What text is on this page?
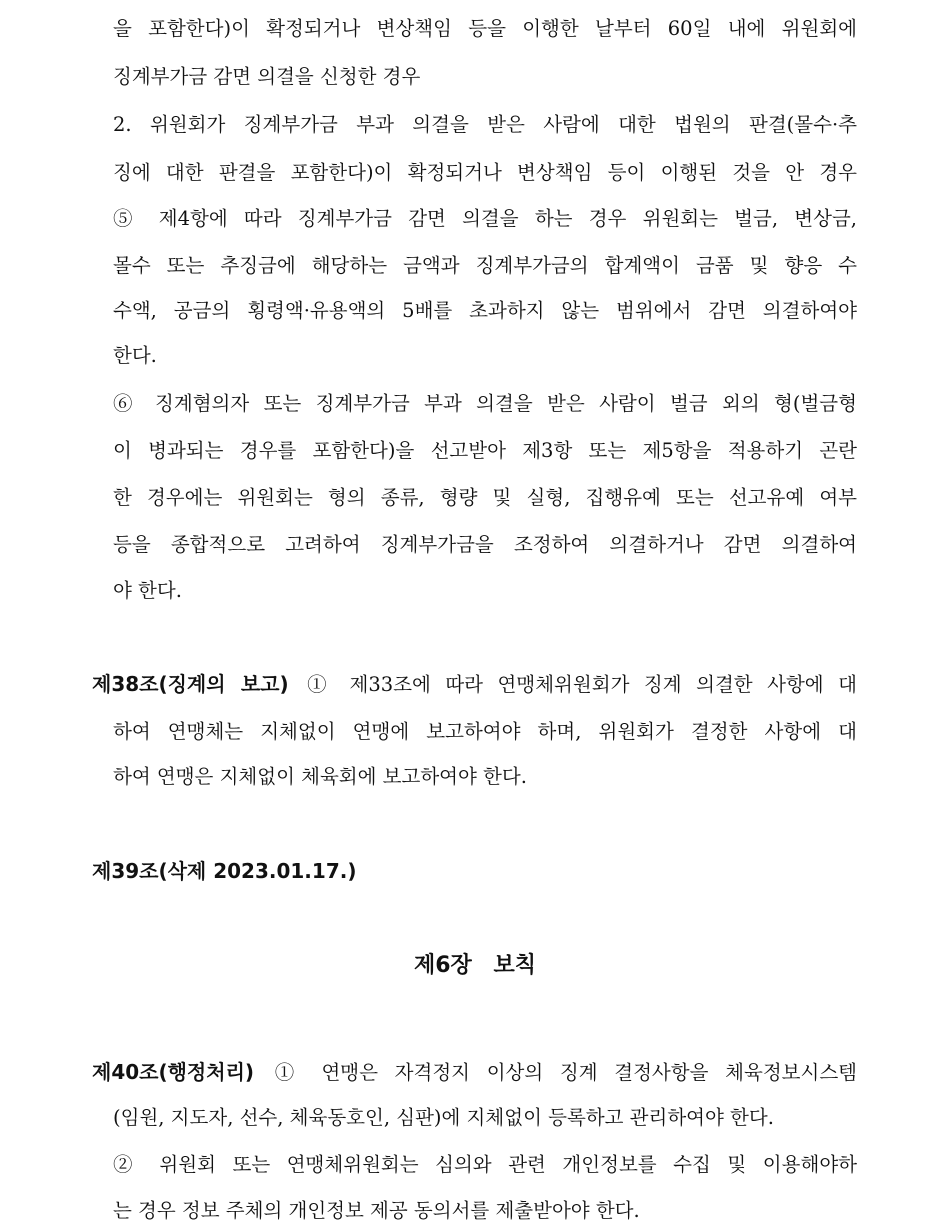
을 포함한다)이 확정되거나 변상책임 등을 이행한 날부터 60일 내에 위원회에
징계부가금 감면 의결을 신청한 경우
2. 위원회가 징계부가금 부과 의결을 받은 사람에 대한 법원의 판결(몰수·추
징에 대한 판결을 포함한다)이 확정되거나 변상책임 등이 이행된 것을 안 경우
⑤ 제4항에 따라 징계부가금 감면 의결을 하는 경우 위원회는 벌금, 변상금,
몰수 또는 추징금에 해당하는 금액과 징계부가금의 합계액이 금품 및 향응 수
수액, 공금의 횡령액·유용액의 5배를 초과하지 않는 범위에서 감면 의결하여야
한다.
⑥ 징계혐의자 또는 징계부가금 부과 의결을 받은 사람이 벌금 외의 형(벌금형
이 병과되는 경우를 포함한다)을 선고받아 제3항 또는 제5항을 적용하기 곤란
한 경우에는 위원회는 형의 종류, 형량 및 실형, 집행유예 또는 선고유예 여부
등을 종합적으로 고려하여 징계부가금을 조정하여 의결하거나 감면 의결하여
야 한다.
제38조(징계의 보고) ① 제33조에 따라 연맹체위원회가 징계 의결한 사항에 대
하여 연맹체는 지체없이 연맹에 보고하여야 하며, 위원회가 결정한 사항에 대
하여 연맹은 지체없이 체육회에 보고하여야 한다.
제39조(삭제 2023.01.17.)
제6장 보칙
제40조(행정처리) ① 연맹은 자격정지 이상의 징계 결정사항을 체육정보시스템
(임원, 지도자, 선수, 체육동호인, 심판)에 지체없이 등록하고 관리하여야 한다.
② 위원회 또는 연맹체위원회는 심의와 관련 개인정보를 수집 및 이용해야하
는 경우 정보 주체의 개인정보 제공 동의서를 제출받아야 한다.
